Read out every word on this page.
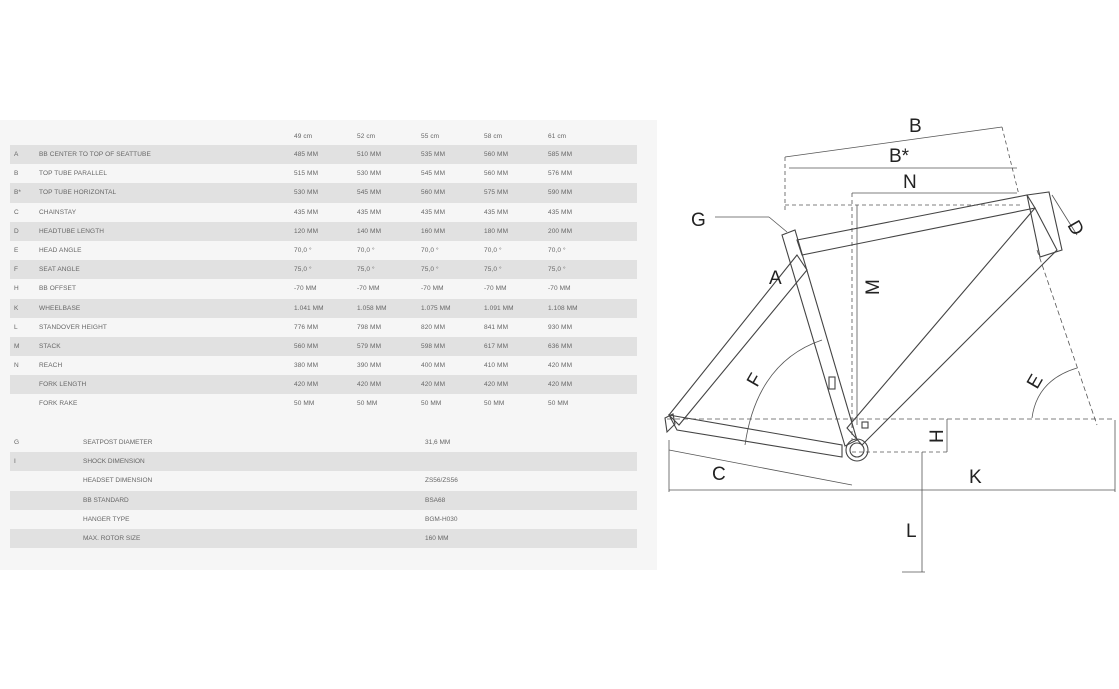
49 cm	52 cm	55 cm	58 cm	61 cm
A	BB CENTER TO TOP OF SEATTUBE	485 MM	510 MM	535 MM	560 MM	585 MM
B	TOP TUBE PARALLEL	515 MM	530 MM	545 MM	560 MM	576 MM
B*	TOP TUBE HORIZONTAL	530 MM	545 MM	560 MM	575 MM	590 MM
C	CHAINSTAY	435 MM	435 MM	435 MM	435 MM	435 MM
D	HEADTUBE LENGTH	120 MM	140 MM	160 MM	180 MM	200 MM
E	HEAD ANGLE	70,0 °	70,0 °	70,0 °	70,0 °	70,0 °
F	SEAT ANGLE	75,0 °	75,0 °	75,0 °	75,0 °	75,0 °
H	BB OFFSET	-70 MM	-70 MM	-70 MM	-70 MM	-70 MM
K	WHEELBASE	1.041 MM	1.058 MM	1.075 MM	1.091 MM	1.108 MM
L	STANDOVER HEIGHT	776 MM	798 MM	820 MM	841 MM	930 MM
M	STACK	560 MM	579 MM	598 MM	617 MM	636 MM
N	REACH	380 MM	390 MM	400 MM	410 MM	420 MM
FORK LENGTH	420 MM	420 MM	420 MM	420 MM	420 MM
FORK RAKE	50 MM	50 MM	50 MM	50 MM	50 MM
G	SEATPOST DIAMETER	31,6 MM
I	SHOCK DIMENSION
HEADSET DIMENSION	ZS56/ZS56
BB STANDARD	BSA68
HANGER TYPE	BGM-H030
MAX. ROTOR SIZE	160 MM
B
B*
N
G	D
A	M
F	E
H
C	K
L
